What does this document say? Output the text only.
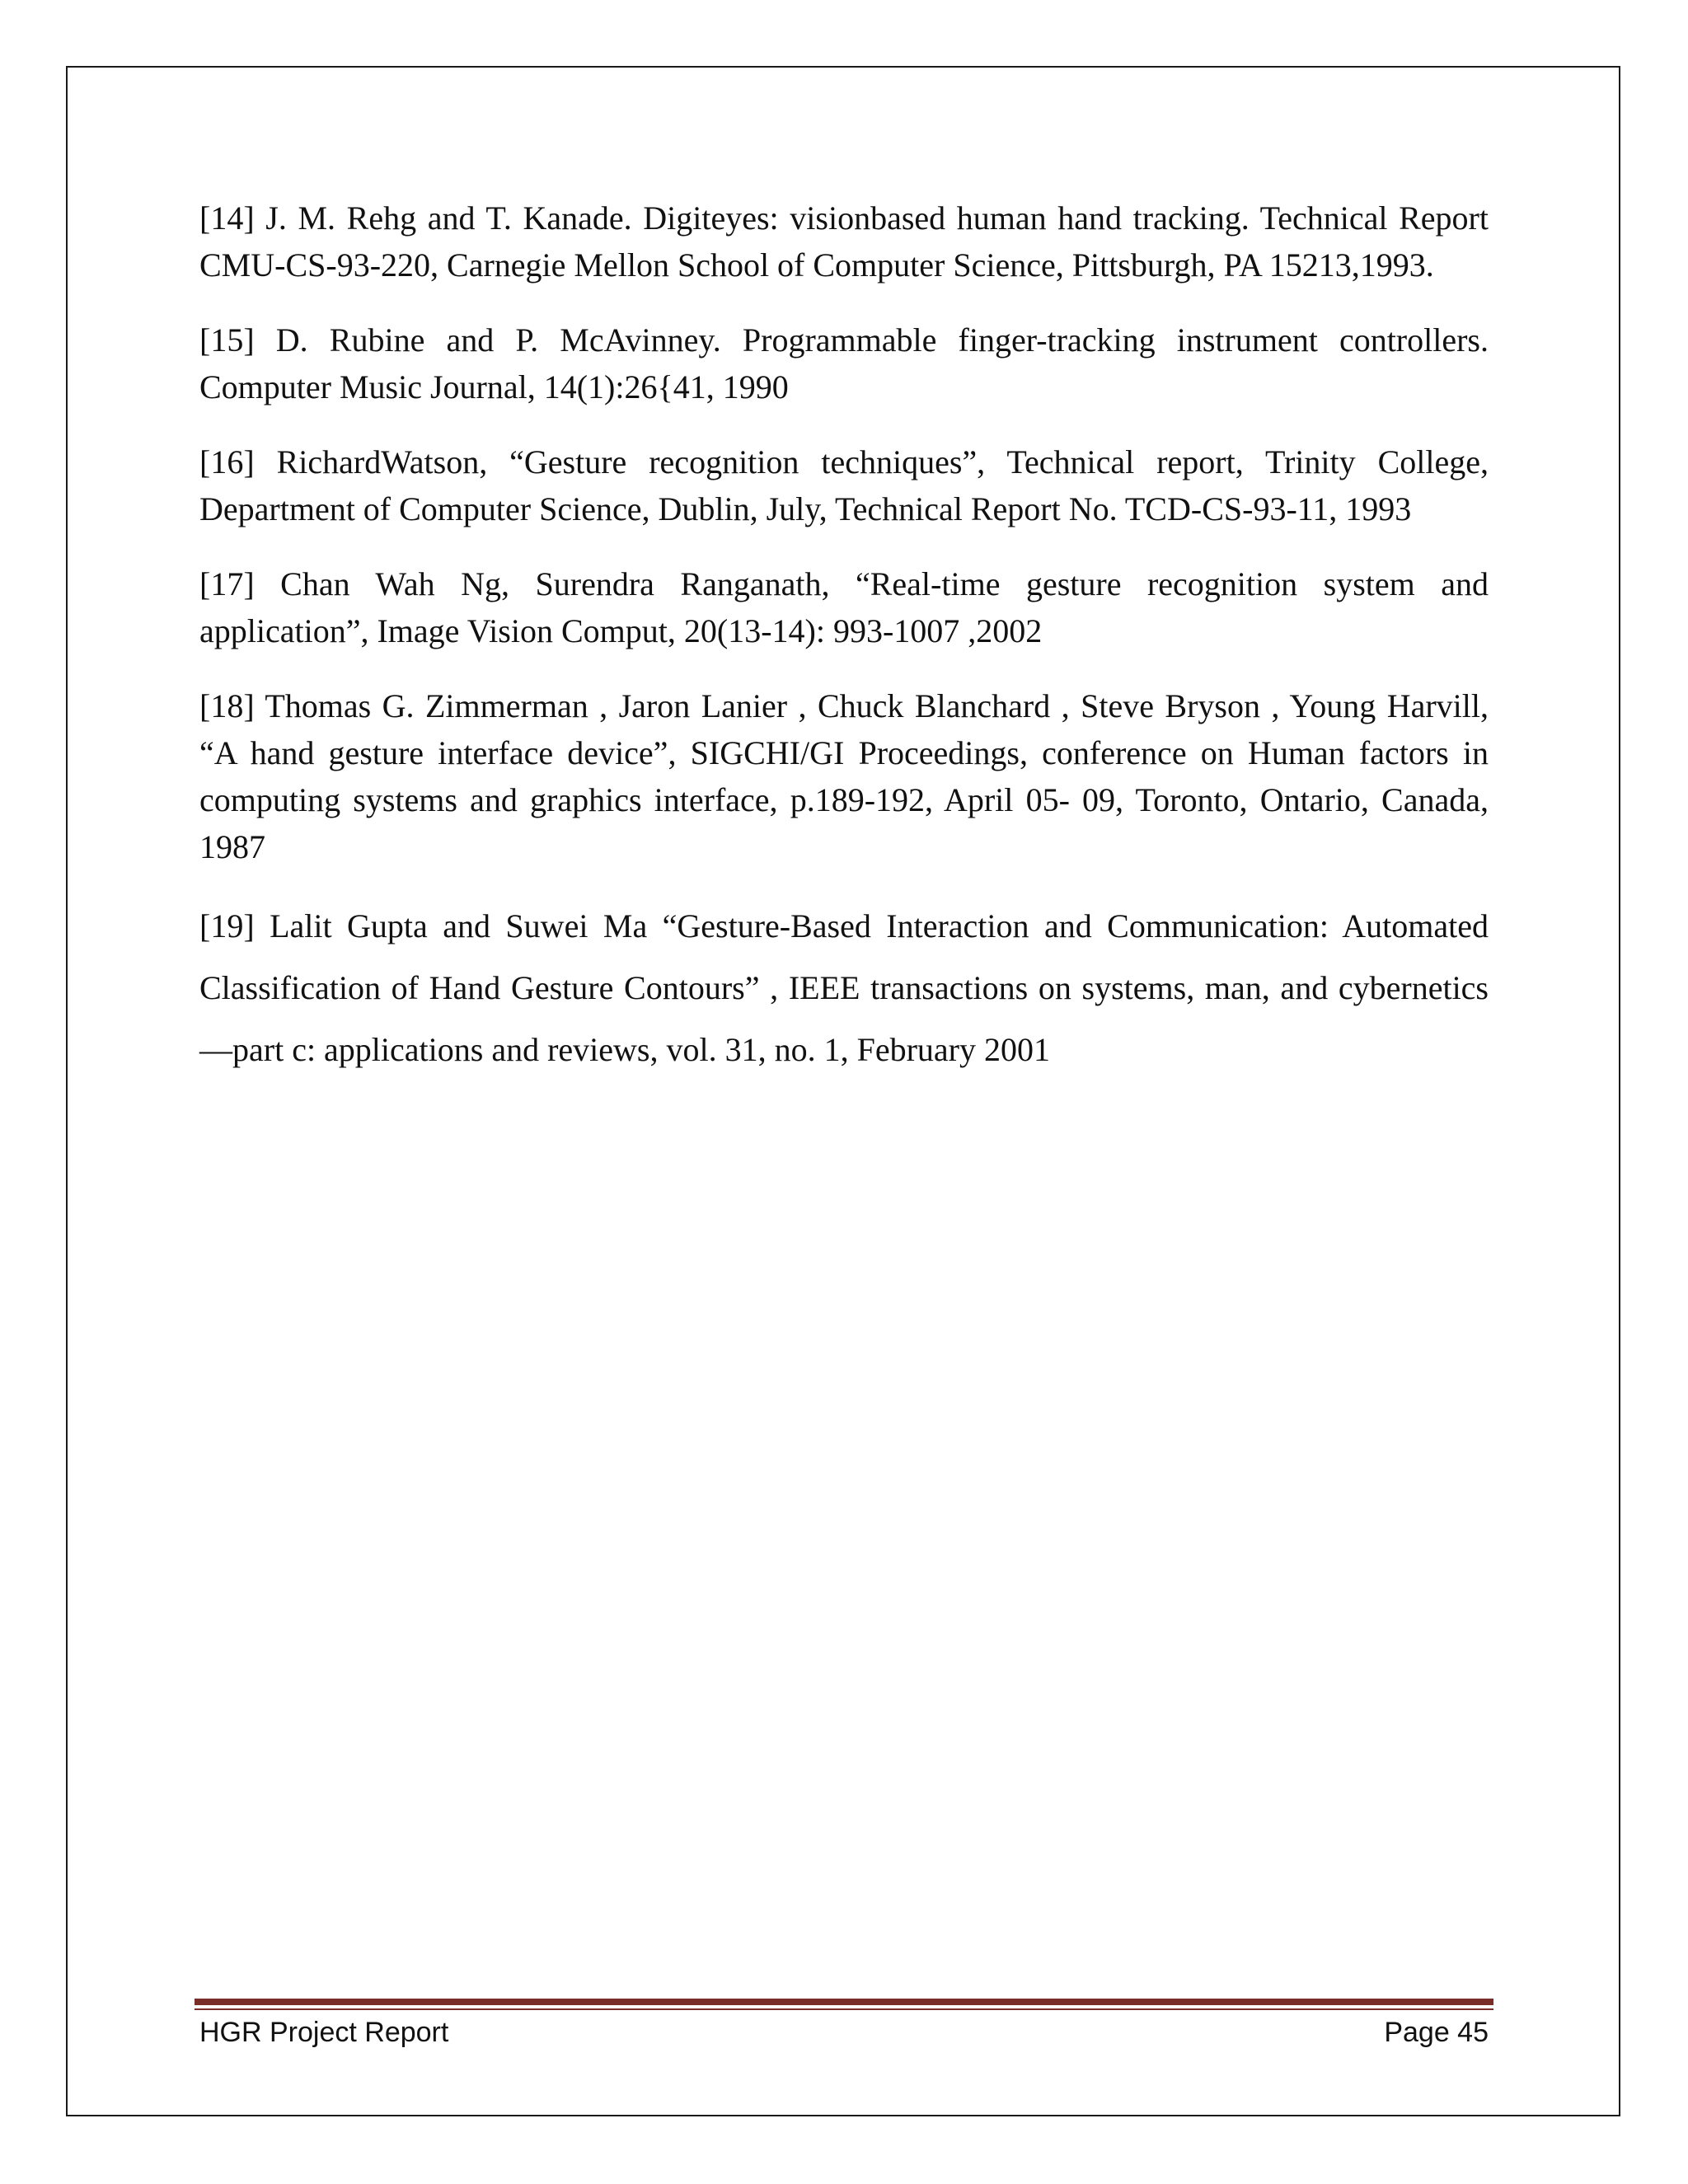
[14] J. M. Rehg and T. Kanade. Digiteyes: visionbased human hand tracking. Technical Report CMU-CS-93-220, Carnegie Mellon School of Computer Science, Pittsburgh, PA 15213,1993.

[15] D. Rubine and P. McAvinney. Programmable finger-tracking instrument controllers. Computer Music Journal, 14(1):26{41, 1990

[16] RichardWatson, “Gesture recognition techniques”, Technical report, Trinity College, Department of Computer Science, Dublin, July, Technical Report No. TCD-CS-93-11, 1993

[17] Chan Wah Ng, Surendra Ranganath, “Real-time gesture recognition system and application”, Image Vision Comput, 20(13-14): 993-1007 ,2002

[18] Thomas G. Zimmerman , Jaron Lanier , Chuck Blanchard , Steve Bryson , Young Harvill, “A hand gesture interface device”, SIGCHI/GI Proceedings, conference on Human factors in computing systems and graphics interface, p.189-192, April 05- 09, Toronto, Ontario, Canada, 1987

[19] Lalit Gupta and Suwei Ma “Gesture-Based Interaction and Communication: Automated Classification of Hand Gesture Contours” , IEEE transactions on systems, man, and cybernetics—part c: applications and reviews, vol. 31, no. 1, February 2001

HGR Project Report	Page 45
